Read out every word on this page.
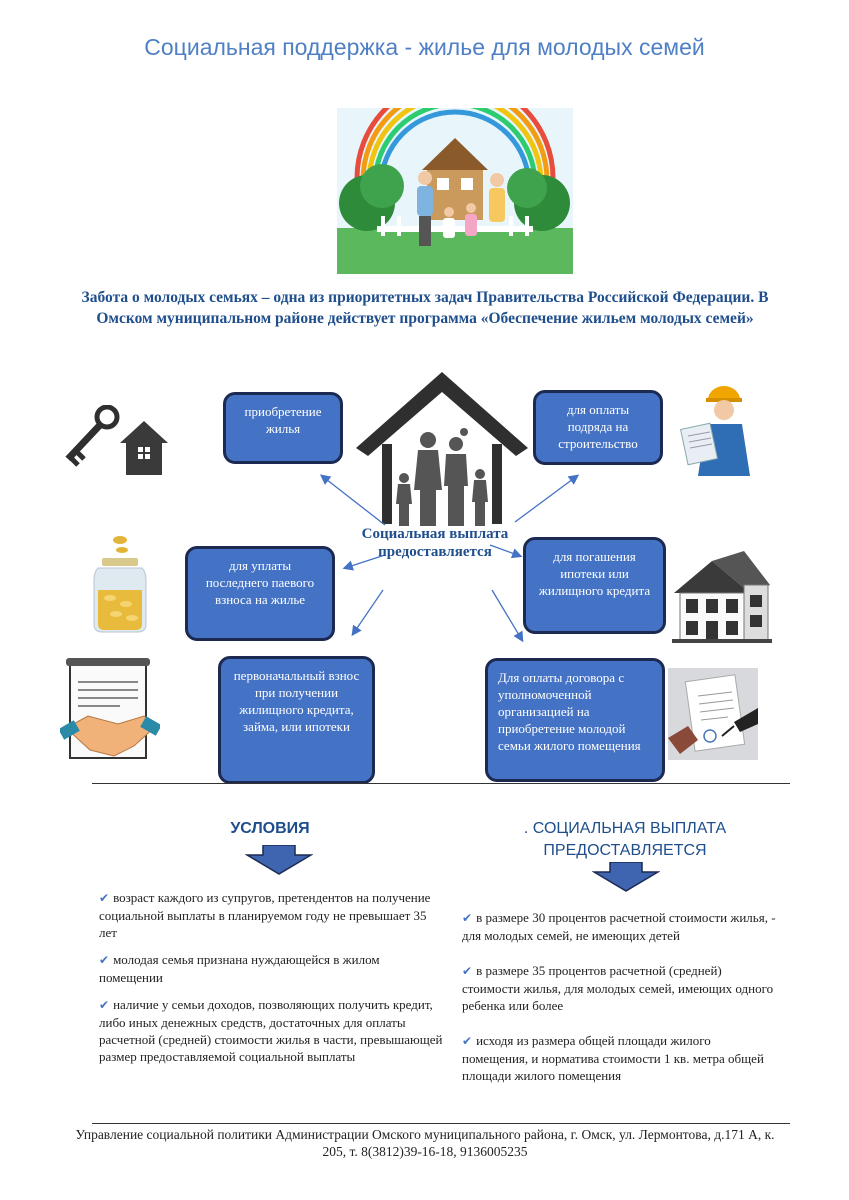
Социальная поддержка - жилье для молодых семей
Забота о молодых семьях – одна из приоритетных задач Правительства Российской Федерации. В Омском муниципальном районе действует программа «Обеспечение жильем молодых семей»
приобретение жилья
для оплаты подряда на строительство
для уплаты последнего паевого взноса на жилье
для погашения ипотеки или жилищного кредита
первоначальный взнос при получении жилищного кредита, займа, или ипотеки
Для оплаты договора с уполномоченной организацией на приобретение молодой семьи жилого помещения
Социальная выплата предоставляется
УСЛОВИЯ
✔ возраст каждого из супругов, претендентов на получение социальной выплаты в планируемом году не превышает 35 лет
✔ молодая семья признана нуждающейся в жилом помещении
✔ наличие у семьи доходов, позволяющих получить кредит, либо иных денежных средств, достаточных для оплаты расчетной (средней) стоимости жилья в части, превышающей размер предоставляемой социальной выплаты
. СОЦИАЛЬНАЯ ВЫПЛАТА ПРЕДОСТАВЛЯЕТСЯ
✔ в размере 30 процентов расчетной стоимости жилья, - для молодых семей, не имеющих детей
✔ в размере 35 процентов расчетной (средней) стоимости жилья, для молодых семей, имеющих одного ребенка или более
✔ исходя из размера общей площади жилого помещения, и норматива стоимости 1 кв. метра общей площади жилого помещения
Управление социальной политики Администрации Омского муниципального района, г. Омск, ул. Лермонтова, д.171 А, к. 205, т. 8(3812)39-16-18, 9136005235
